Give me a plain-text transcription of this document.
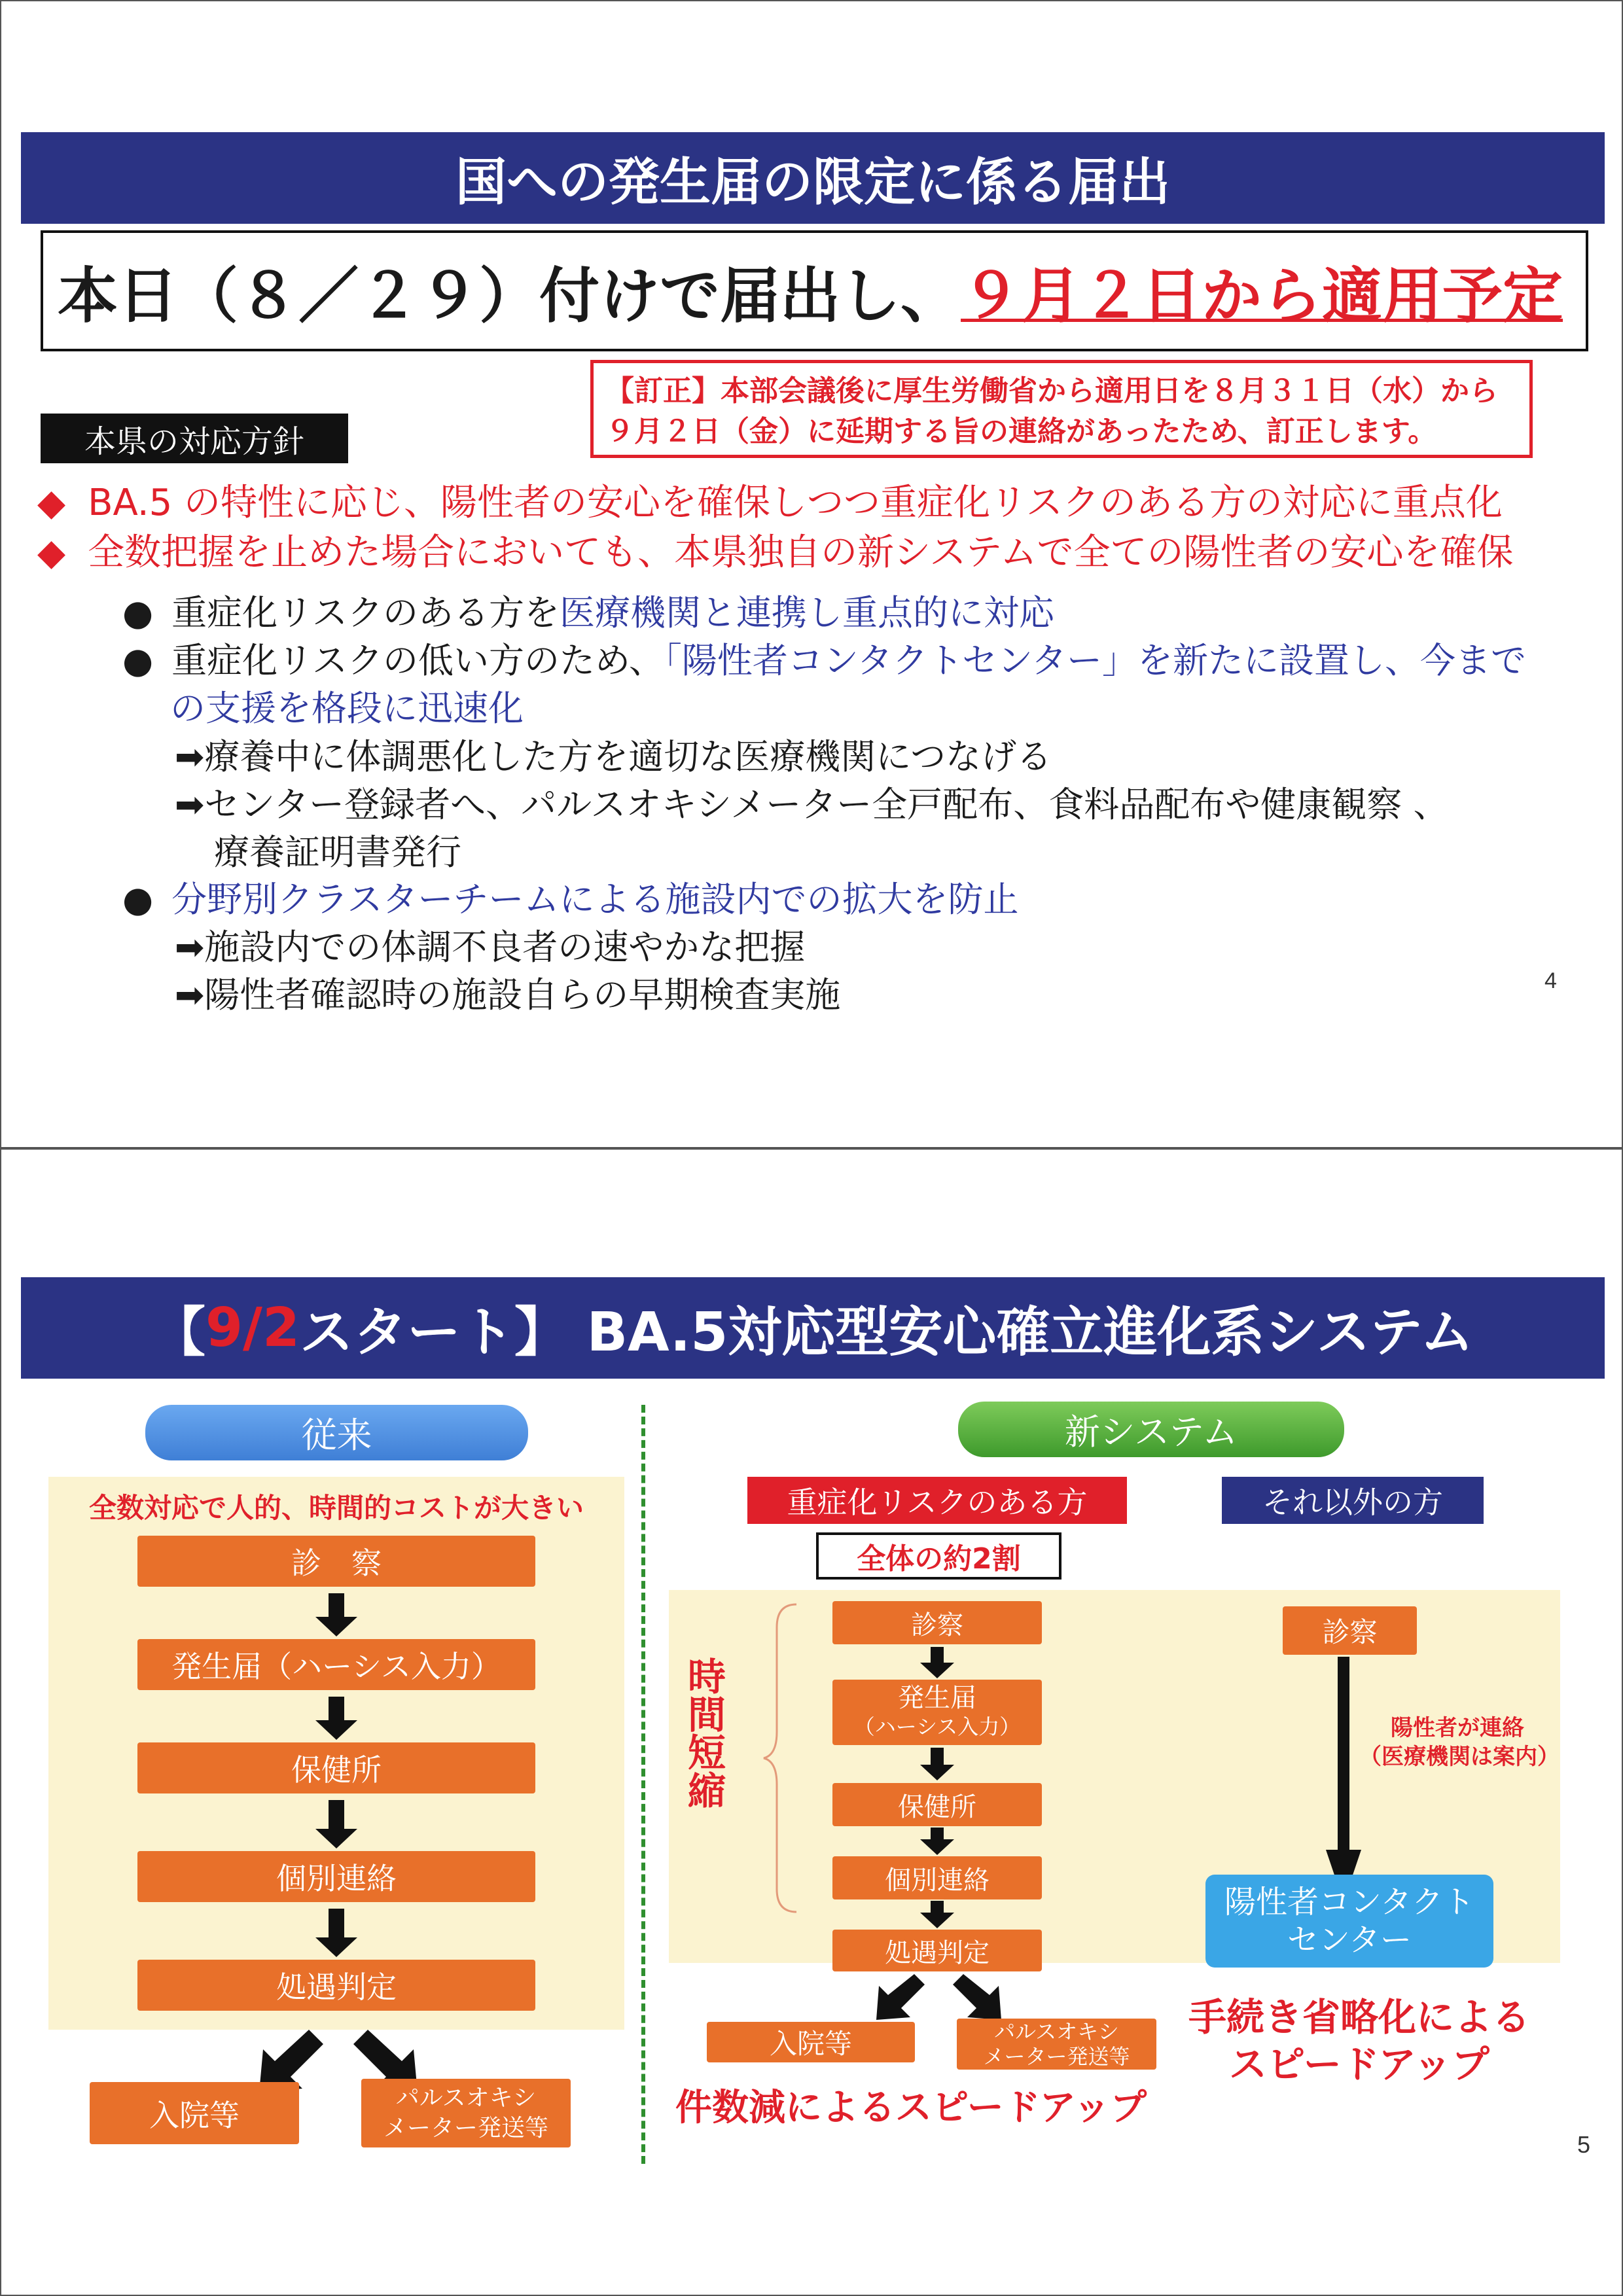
国への発生届の限定に係る届出
本日（８／２９）付けで届出し、 ９月２日から適用予定
【訂正】本部会議後に厚生労働省から適用日を８月３１日（水）から
９月２日（金）に延期する旨の連絡があったため、訂正します。
本県の対応方針
◆ BA.5 の特性に応じ、陽性者の安心を確保しつつ重症化リスクのある方の対応に重点化
◆ 全数把握を止めた場合においても、本県独自の新システムで全ての陽性者の安心を確保
● 重症化リスクのある方を医療機関と連携し重点的に対応
● 重症化リスクの低い方のため、「陽性者コンタクトセンター」を新たに設置し、今まで
の支援を格段に迅速化
➡療養中に体調悪化した方を適切な医療機関につなげる
➡センター登録者へ、パルスオキシメーター全戸配布、食料品配布や健康観察 、
療養証明書発行
● 分野別クラスターチームによる施設内での拡大を防止
➡施設内での体調不良者の速やかな把握
➡陽性者確認時の施設自らの早期検査実施	4
【 9/2 スタート】 BA.5対応型安心確立進化系システム
従来
全数対応で人的、時間的コストが大きい
診　察
発生届（ハーシス入力）
保健所
個別連絡
処遇判定
入院等	パルスオキシ
メーター発送等
新システム
重症化リスクのある方	それ以外の方
全体の約2割
時間短縮
診察
発生届
（ハーシス入力）
保健所
個別連絡
処遇判定
入院等	パルスオキシ
メーター発送等
件数減によるスピードアップ
診察
陽性者が連絡
（医療機関は案内）
陽性者コンタクト
センター
手続き省略化による
スピードアップ
5
